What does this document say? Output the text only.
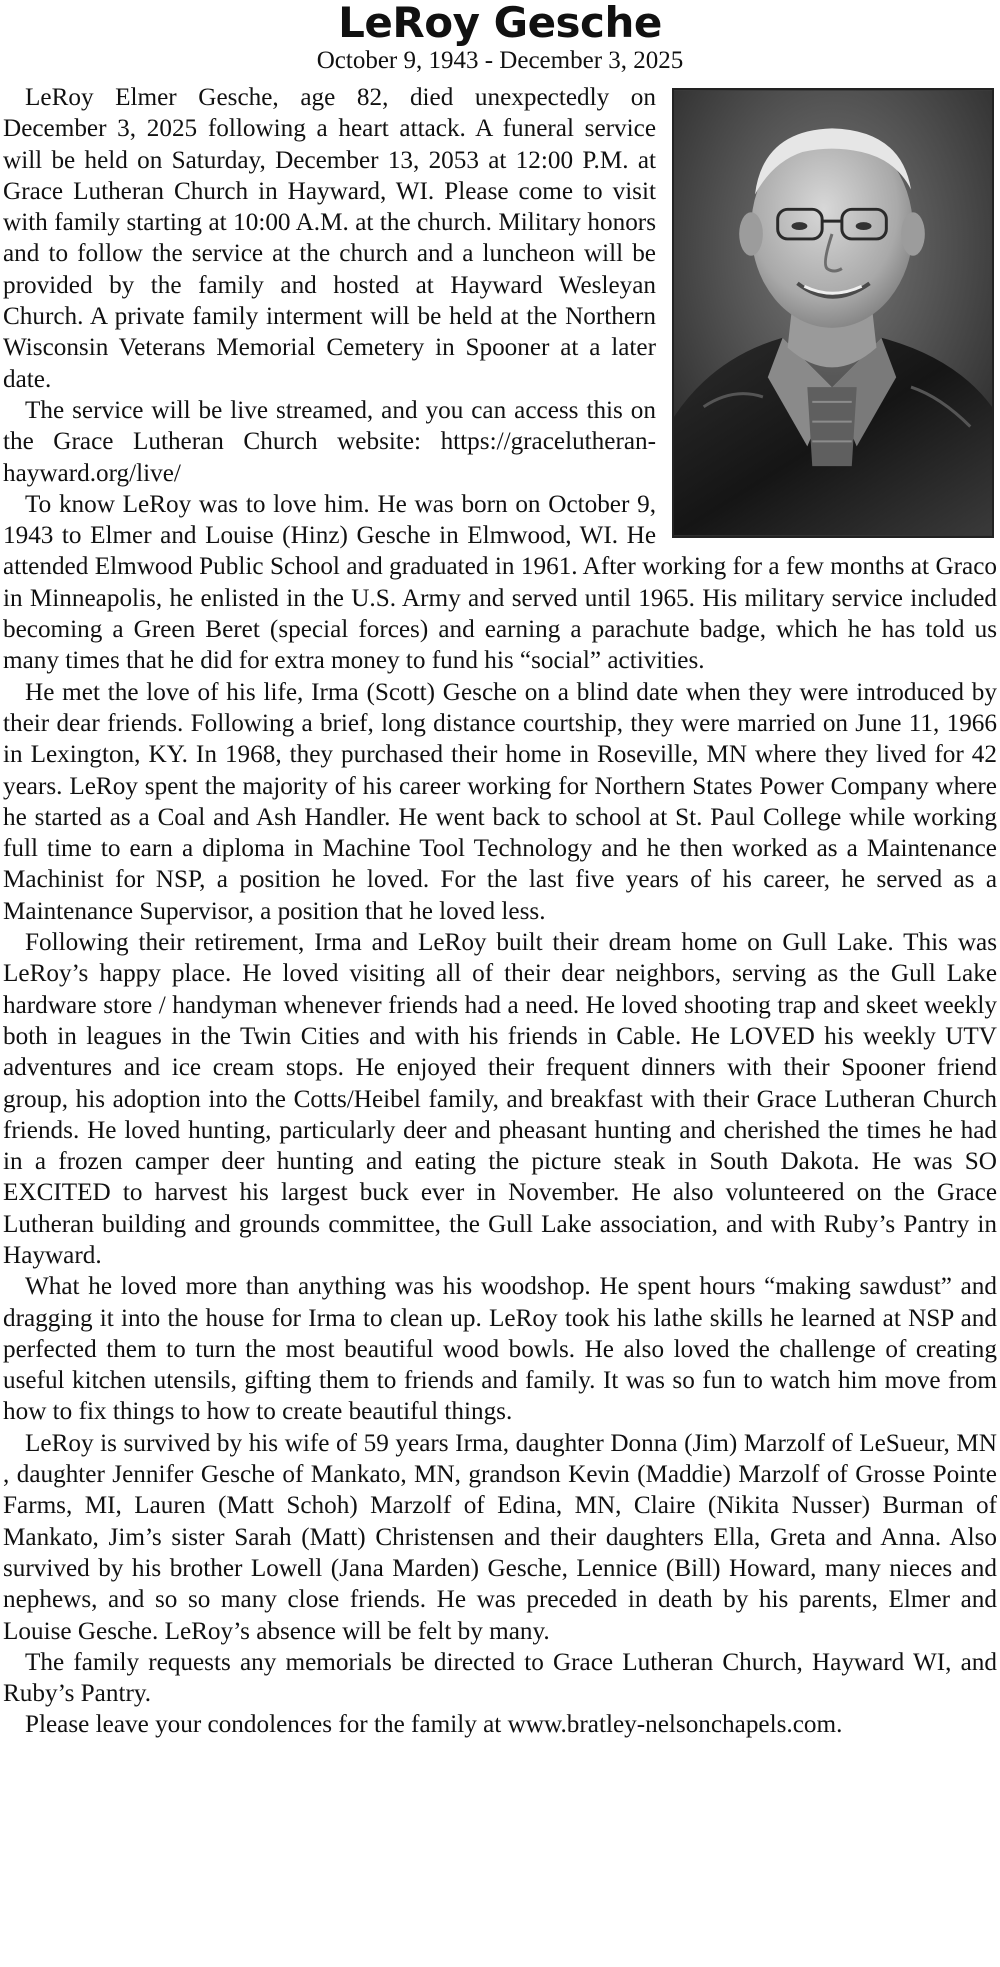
LeRoy Gesche
October 9, 1943 - December 3, 2025

LeRoy Elmer Gesche, age 82, died unexpectedly on December 3, 2025 following a heart attack. A funeral service will be held on Saturday, December 13, 2053 at 12:00 P.M. at Grace Lutheran Church in Hayward, WI. Please come to visit with family starting at 10:00 A.M. at the church. Military honors and to follow the service at the church and a luncheon will be provided by the family and hosted at Hayward Wesleyan Church. A private family interment will be held at the Northern Wisconsin Veterans Memorial Cemetery in Spooner at a later date.

The service will be live streamed, and you can access this on the Grace Lutheran Church website: https://gracelutheran-hayward.org/live/

To know LeRoy was to love him. He was born on October 9, 1943 to Elmer and Louise (Hinz) Gesche in Elmwood, WI. He attended Elmwood Public School and graduated in 1961. After working for a few months at Graco in Minneapolis, he enlisted in the U.S. Army and served until 1965. His military service included becoming a Green Beret (special forces) and earning a parachute badge, which he has told us many times that he did for extra money to fund his “social” activities.

He met the love of his life, Irma (Scott) Gesche on a blind date when they were introduced by their dear friends. Following a brief, long distance courtship, they were married on June 11, 1966 in Lexington, KY. In 1968, they purchased their home in Roseville, MN where they lived for 42 years. LeRoy spent the majority of his career working for Northern States Power Company where he started as a Coal and Ash Handler. He went back to school at St. Paul College while working full time to earn a diploma in Machine Tool Technology and he then worked as a Maintenance Machinist for NSP, a position he loved. For the last five years of his career, he served as a Maintenance Supervisor, a position that he loved less.

Following their retirement, Irma and LeRoy built their dream home on Gull Lake. This was LeRoy’s happy place. He loved visiting all of their dear neighbors, serving as the Gull Lake hardware store / handyman whenever friends had a need. He loved shooting trap and skeet weekly both in leagues in the Twin Cities and with his friends in Cable. He LOVED his weekly UTV adventures and ice cream stops. He enjoyed their frequent dinners with their Spooner friend group, his adoption into the Cotts/Heibel family, and breakfast with their Grace Lutheran Church friends. He loved hunting, particularly deer and pheasant hunting and cherished the times he had in a frozen camper deer hunting and eating the picture steak in South Dakota. He was SO EXCITED to harvest his largest buck ever in November. He also volunteered on the Grace Lutheran building and grounds committee, the Gull Lake association, and with Ruby’s Pantry in Hayward.

What he loved more than anything was his woodshop. He spent hours “making sawdust” and dragging it into the house for Irma to clean up. LeRoy took his lathe skills he learned at NSP and perfected them to turn the most beautiful wood bowls. He also loved the challenge of creating useful kitchen utensils, gifting them to friends and family. It was so fun to watch him move from how to fix things to how to create beautiful things.

LeRoy is survived by his wife of 59 years Irma, daughter Donna (Jim) Marzolf of LeSueur, MN , daughter Jennifer Gesche of Mankato, MN, grandson Kevin (Maddie) Marzolf of Grosse Pointe Farms, MI, Lauren (Matt Schoh) Marzolf of Edina, MN, Claire (Nikita Nusser) Burman of Mankato, Jim’s sister Sarah (Matt) Christensen and their daughters Ella, Greta and Anna. Also survived by his brother Lowell (Jana Marden) Gesche, Lennice (Bill) Howard, many nieces and nephews, and so so many close friends. He was preceded in death by his parents, Elmer and Louise Gesche. LeRoy’s absence will be felt by many.

The family requests any memorials be directed to Grace Lutheran Church, Hayward WI, and Ruby’s Pantry.

Please leave your condolences for the family at www.bratley-nelsonchapels.com.
